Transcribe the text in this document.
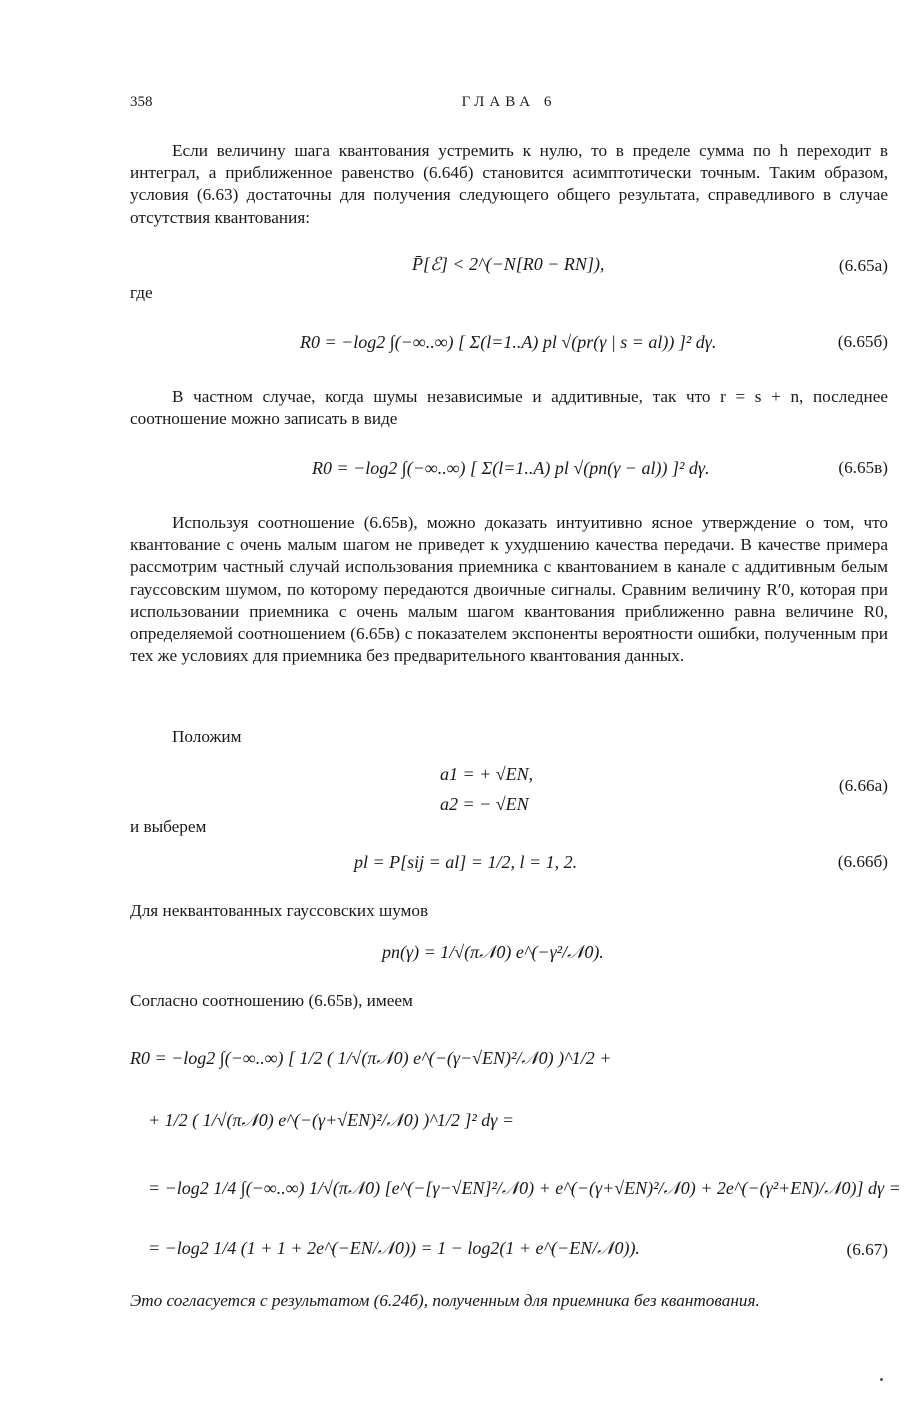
358	ГЛАВА 6

Если величину шага квантования устремить к нулю, то в пределе сумма по h переходит в интеграл, а приближенное равенство (6.64б) становится асимптотически точным. Таким образом, условия (6.63) достаточны для получения следующего общего результата, справедливого в случае отсутствия квантования:

P̄[ℰ] < 2^(−N[R0 − RN]),	(6.65а)
где
R0 = −log2 ∫(−∞..∞) [ Σ(l=1..A) pl √(pr(γ | s = al)) ]² dγ.	(6.65б)

В частном случае, когда шумы независимые и аддитивные, так что r = s + n, последнее соотношение можно записать в виде

R0 = −log2 ∫(−∞..∞) [ Σ(l=1..A) pl √(pn(γ − al)) ]² dγ.	(6.65в)

Используя соотношение (6.65в), можно доказать интуитивно ясное утверждение о том, что квантование с очень малым шагом не приведет к ухудшению качества передачи. В качестве примера рассмотрим частный случай использования приемника с квантованием в канале с аддитивным белым гауссовским шумом, по которому передаются двоичные сигналы. Сравним величину R′0, которая при использовании приемника с очень малым шагом квантования приближенно равна величине R0, определяемой соотношением (6.65в) с показателем экспоненты вероятности ошибки, полученным при тех же условиях для приемника без предварительного квантования данных.

Положим

a1 = + √EN,
a2 = − √EN
(6.66а)
и выберем
pl = P[sij = al] = 1/2, l = 1, 2.	(6.66б)

Для неквантованных гауссовских шумов

pn(γ) = 1/√(π𝒩0) e^(−γ²/𝒩0).

Согласно соотношению (6.65в), имеем

R0 = −log2 ∫(−∞..∞) [ 1/2 ( 1/√(π𝒩0) e^(−(γ−√EN)²/𝒩0) )^1/2 +
+ 1/2 ( 1/√(π𝒩0) e^(−(γ+√EN)²/𝒩0) )^1/2 ]² dγ =
= −log2 1/4 ∫(−∞..∞) 1/√(π𝒩0) [e^(−[γ−√EN]²/𝒩0) + e^(−(γ+√EN)²/𝒩0) + 2e^(−(γ²+EN)/𝒩0)] dγ =
= −log2 1/4 (1 + 1 + 2e^(−EN/𝒩0)) = 1 − log2(1 + e^(−EN/𝒩0)).	(6.67)

Это согласуется с результатом (6.24б), полученным для приемника без квантования.
